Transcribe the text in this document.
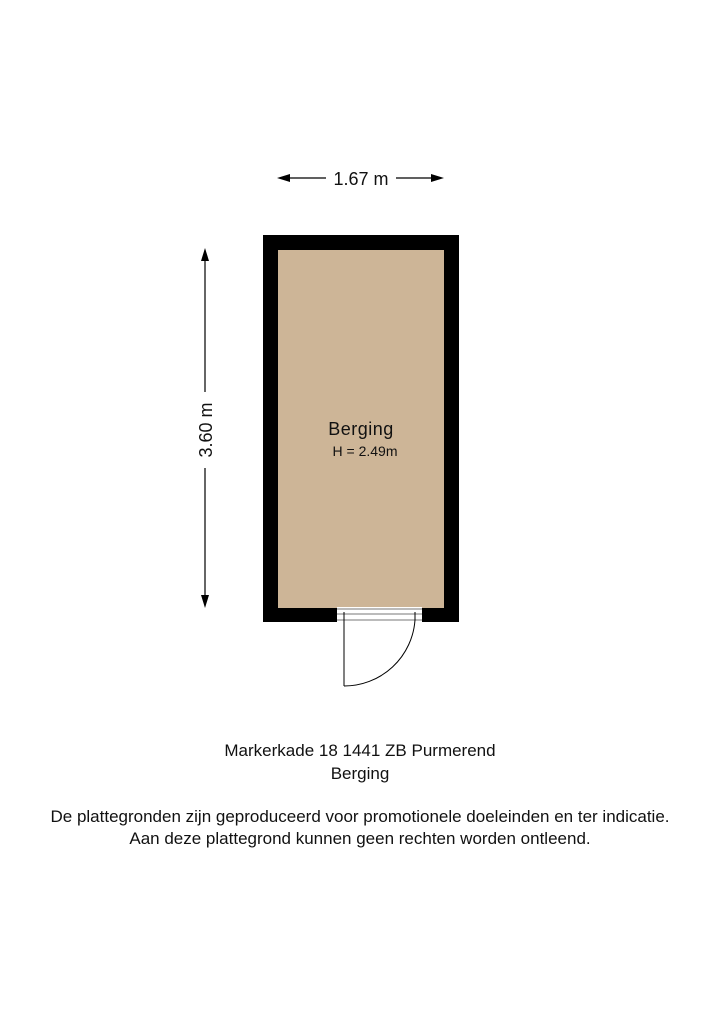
1.67 m
3.60 m	Berging
H = 2.49m
Markerkade 18 1441 ZB Purmerend
Berging
De plattegronden zijn geproduceerd voor promotionele doeleinden en ter indicatie.
Aan deze plattegrond kunnen geen rechten worden ontleend.
